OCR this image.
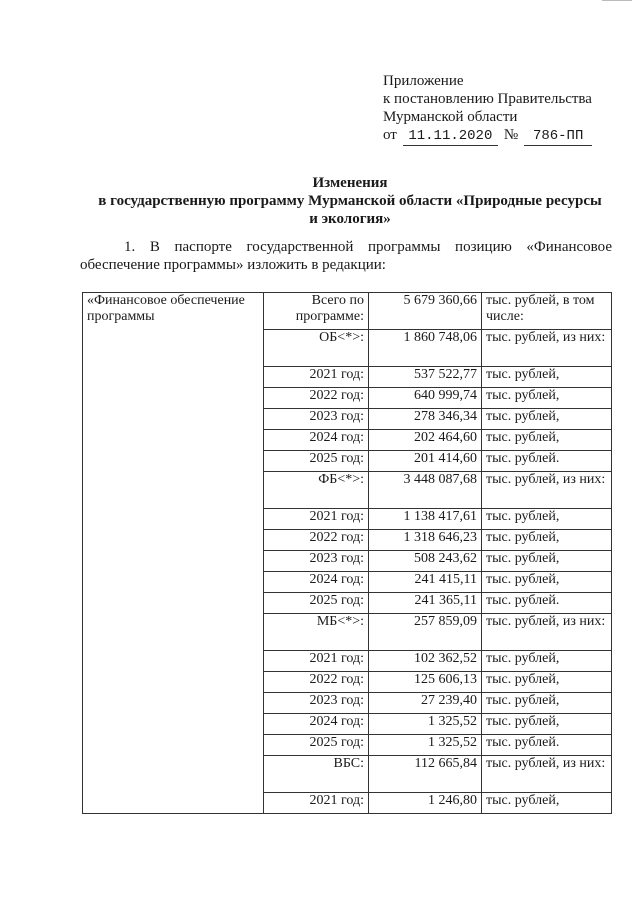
Приложение
к постановлению Правительства
Мурманской области
от 11.11.2020 №	786-ПП
Изменения
в государственную программу Мурманской области «Природные ресурсы
и экология»
1. В паспорте государственной программы позицию «Финансовое
обеспечение программы» изложить в редакции:
«Финансовое обеспечение программы	Всего по программе:	5 679 360,66	тыс. рублей, в том числе:
	ОБ<*>:	1 860 748,06	тыс. рублей, из них:
	2021 год:	537 522,77	тыс. рублей,
	2022 год:	640 999,74	тыс. рублей,
	2023 год:	278 346,34	тыс. рублей,
	2024 год:	202 464,60	тыс. рублей,
	2025 год:	201 414,60	тыс. рублей.
	ФБ<*>:	3 448 087,68	тыс. рублей, из них:
	2021 год:	1 138 417,61	тыс. рублей,
	2022 год:	1 318 646,23	тыс. рублей,
	2023 год:	508 243,62	тыс. рублей,
	2024 год:	241 415,11	тыс. рублей,
	2025 год:	241 365,11	тыс. рублей.
	МБ<*>:	257 859,09	тыс. рублей, из них:
	2021 год:	102 362,52	тыс. рублей,
	2022 год:	125 606,13	тыс. рублей,
	2023 год:	27 239,40	тыс. рублей,
	2024 год:	1 325,52	тыс. рублей,
	2025 год:	1 325,52	тыс. рублей.
	ВБС:	112 665,84	тыс. рублей, из них:
	2021 год:	1 246,80	тыс. рублей,
